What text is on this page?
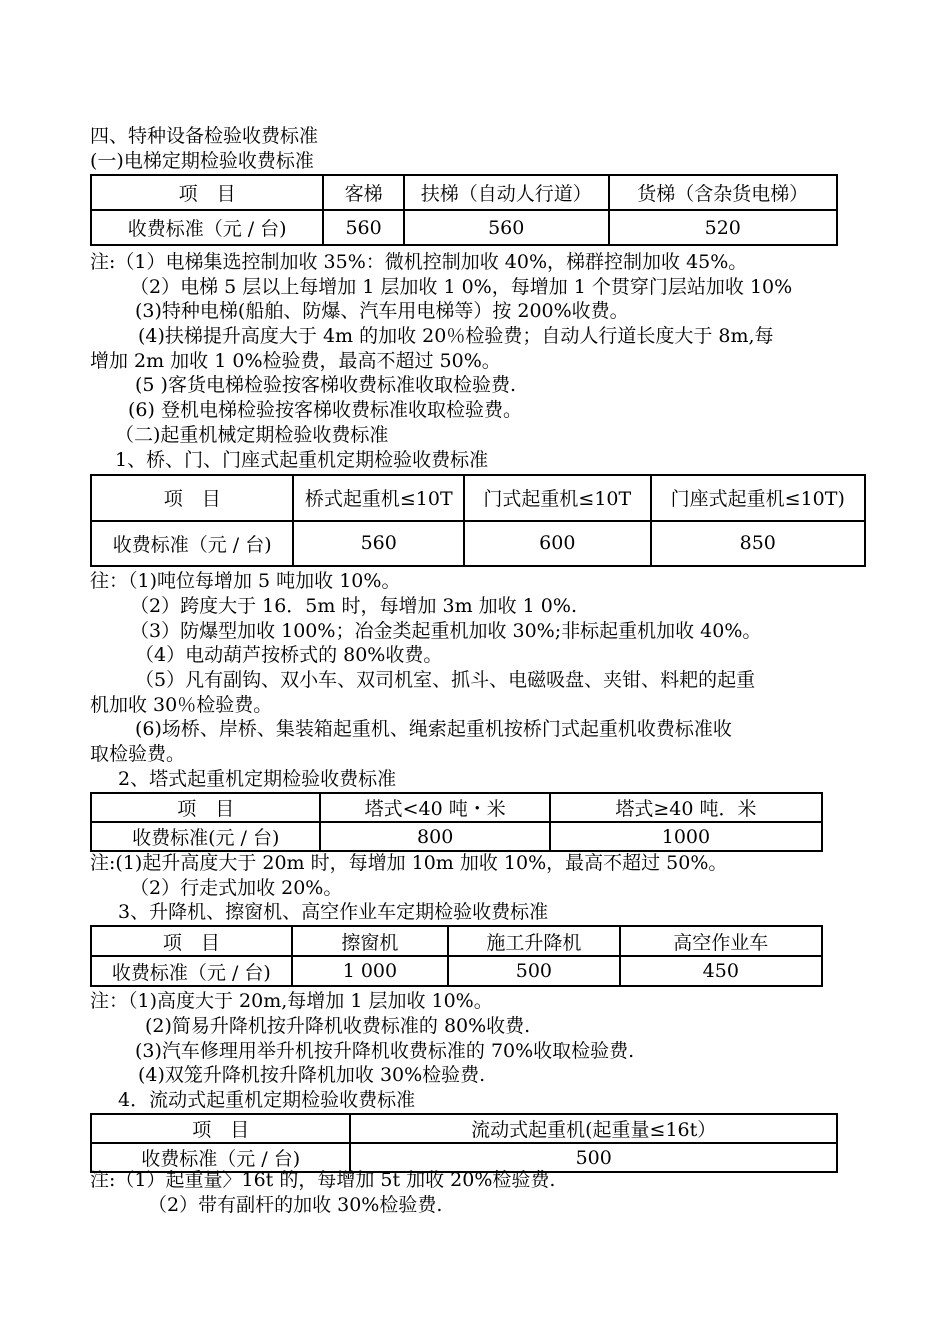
四、特种设备检验收费标准
(一)电梯定期检验收费标准
项　目	客梯	扶梯（自动人行道）	货梯（含杂货电梯）
收费标准（元 / 台)	560	560	520
注:（1）电梯集选控制加收 35%：微机控制加收 40%，梯群控制加收 45%。
（2）电梯 5 层以上每增加 1 层加收 1 0%，每增加 1 个贯穿门层站加收 10%
(3)特种电梯(船舶、防爆、汽车用电梯等）按 200%收费。
(4)扶梯提升高度大于 4m 的加收 20％检验费；自动人行道长度大于 8m,每
增加 2m 加收 1 0%检验费，最高不超过 50%。
(5 )客货电梯检验按客梯收费标准收取检验费.
(6) 登机电梯检验按客梯收费标准收取检验费。
（二)起重机械定期检验收费标准
1、桥、门、门座式起重机定期检验收费标准
项　目	桥式起重机≤10T	门式起重机≤10T	门座式起重机≤10T)
收费标准（元 / 台)	560	600	850
往：（1)吨位每增加 5 吨加收 10%。
（2）跨度大于 16．5m 时，每增加 3m 加收 1 0%.
（3）防爆型加收 100%；冶金类起重机加收 30%;非标起重机加收 40%。
（4）电动葫芦按桥式的 80%收费。
（5）凡有副钩、双小车、双司机室、抓斗、电磁吸盘、夹钳、料耙的起重
机加收 30％检验费。
(6)场桥、岸桥、集装箱起重机、绳索起重机按桥门式起重机收费标准收
取检验费。
2、塔式起重机定期检验收费标准
项　目	塔式<40 吨・米	塔式≥40 吨．米
收费标准(元 / 台)	800	1000
注:(1)起升高度大于 20m 时，每增加 10m 加收 10%，最高不超过 50%。
（2）行走式加收 20%。
3、升降机、擦窗机、高空作业车定期检验收费标准
项　目	擦窗机	施工升降机	高空作业车
收费标准（元 / 台)	1 000	500	450
注：（1)高度大于 20m,每增加 1 层加收 10%。
(2)简易升降机按升降机收费标准的 80%收费.
(3)汽车修理用举升机按升降机收费标准的 70%收取检验费.
(4)双笼升降机按升降机加收 30%检验费.
4．流动式起重机定期检验收费标准
项　目	流动式起重机(起重量≤16t）
收费标准（元 / 台)	500
注:（1）起重量〉16t 的，每增加 5t 加收 20%检验费.
（2）带有副杆的加收 30%检验费.
